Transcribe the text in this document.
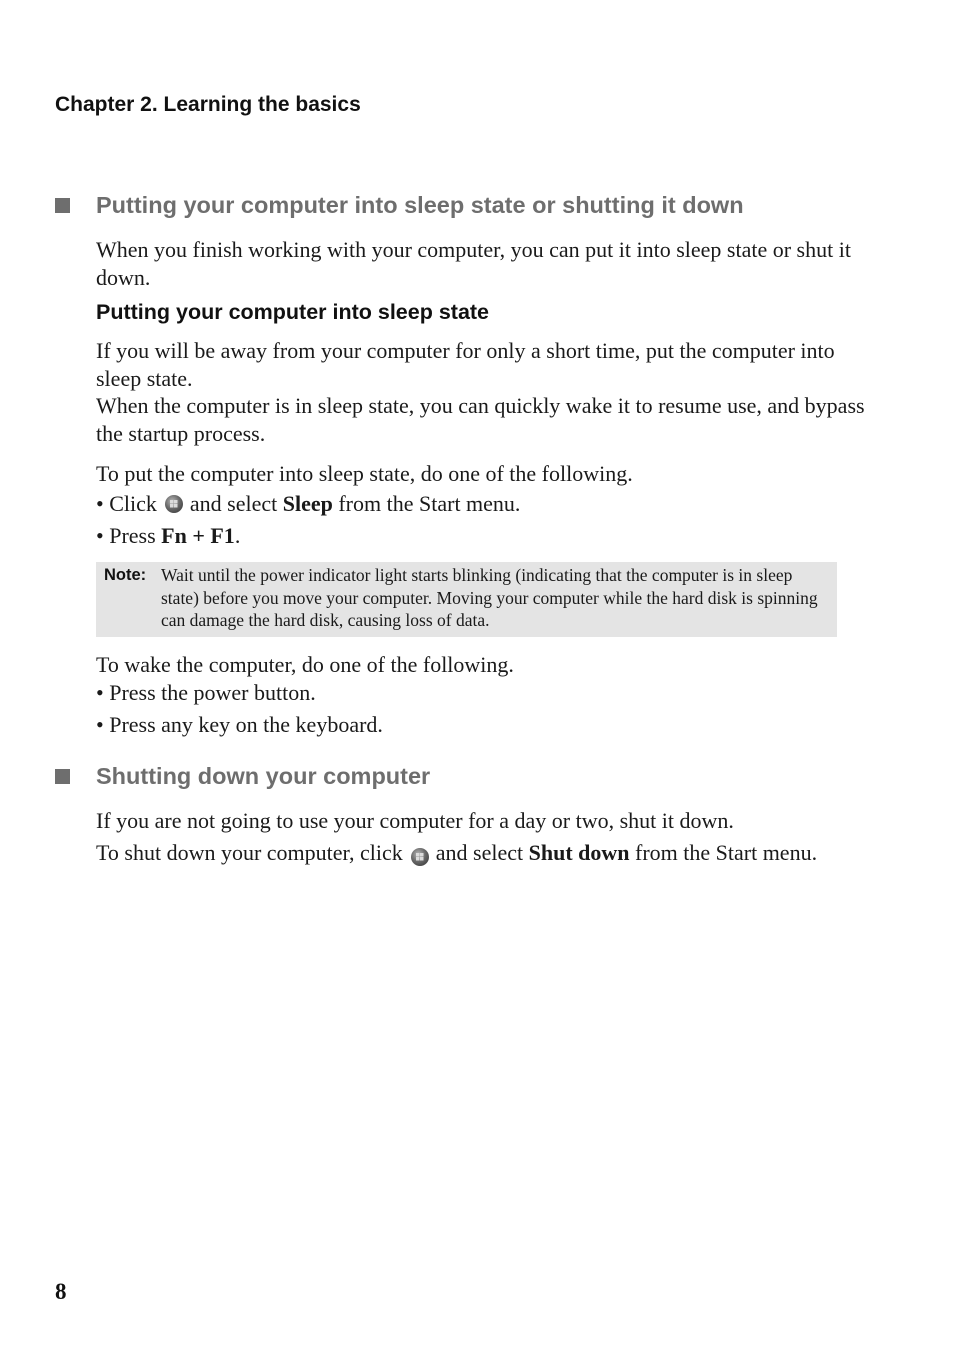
Chapter 2. Learning the basics
Putting your computer into sleep state or shutting it down

When you finish working with your computer, you can put it into sleep state or shut it down.

Putting your computer into sleep state

If you will be away from your computer for only a short time, put the computer into sleep state.

When the computer is in sleep state, you can quickly wake it to resume use, and bypass the startup process.

To put the computer into sleep state, do one of the following.

• Click and select
Sleep
from the Start menu.
• Press
Fn + F1 .
Note: Wait until the power indicator light starts blinking (indicating that the computer is in sleep state) before you move your computer. Moving your computer while the hard disk is spinning can damage the hard disk, causing loss of data.

To wake the computer, do one of the following.

• Press the power button.
• Press any key on the keyboard.
Shutting down your computer

If you are not going to use your computer for a day or two, shut it down.

To shut down your computer, click and select Shut down from the Start menu.

8
